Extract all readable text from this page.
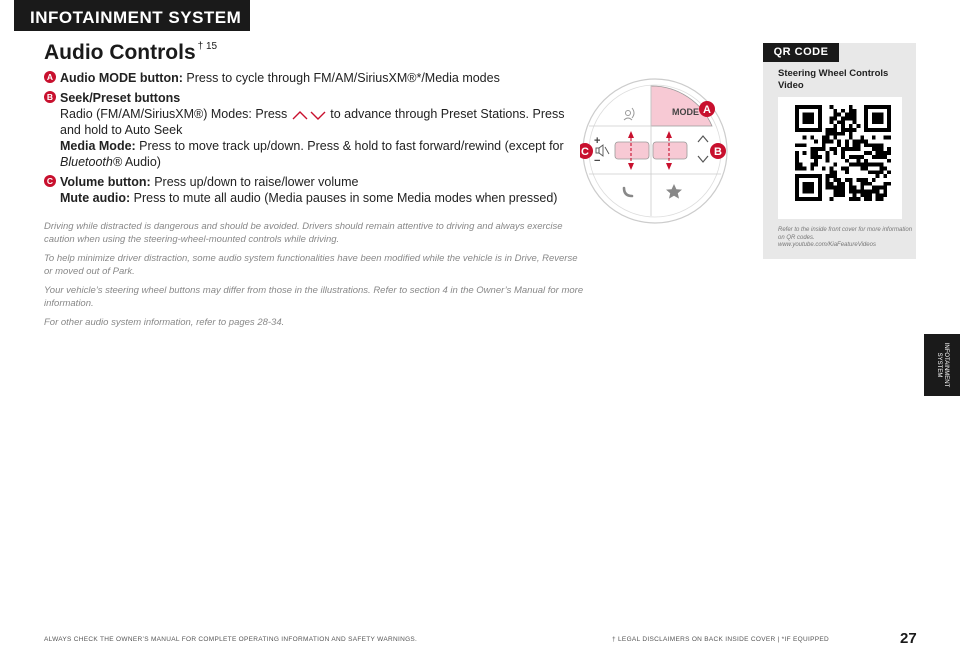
INFOTAINMENT SYSTEM
Audio Controls $^{\dagger 15}$
A Audio MODE button: Press to cycle through FM/AM/SiriusXM®*/Media modes
B Seek/Preset buttons
Radio (FM/AM/SiriusXM®) Modes: Press	to advance through Preset Stations. Press and hold to Auto Seek
Media Mode: Press to move track up/down. Press & hold to fast forward/rewind (except for Bluetooth® Audio)
C Volume button: Press up/down to raise/lower volume
Mute audio: Press to mute all audio (Media pauses in some Media modes when pressed)

Driving while distracted is dangerous and should be avoided. Drivers should remain attentive to driving and always exercise caution when using the steering-wheel-mounted controls while driving.

To help minimize driver distraction, some audio system functionalities have been modified while the vehicle is in Drive, Reverse or moved out of Park.

Your vehicle’s steering wheel buttons may differ from those in the illustrations. Refer to section 4 in the Owner’s Manual for more information.

For other audio system information, refer to pages 28-34.

MODE
+
−
A
B
C
QR CODE
Steering Wheel Controls Video
Refer to the inside front cover for more information on QR codes. www.youtube.com/KiaFeatureVideos
INFOTAINMENT SYSTEM
ALWAYS CHECK THE OWNER’S MANUAL FOR COMPLETE OPERATING INFORMATION AND SAFETY WARNINGS.	† LEGAL DISCLAIMERS ON BACK INSIDE COVER | *IF EQUIPPED	27
